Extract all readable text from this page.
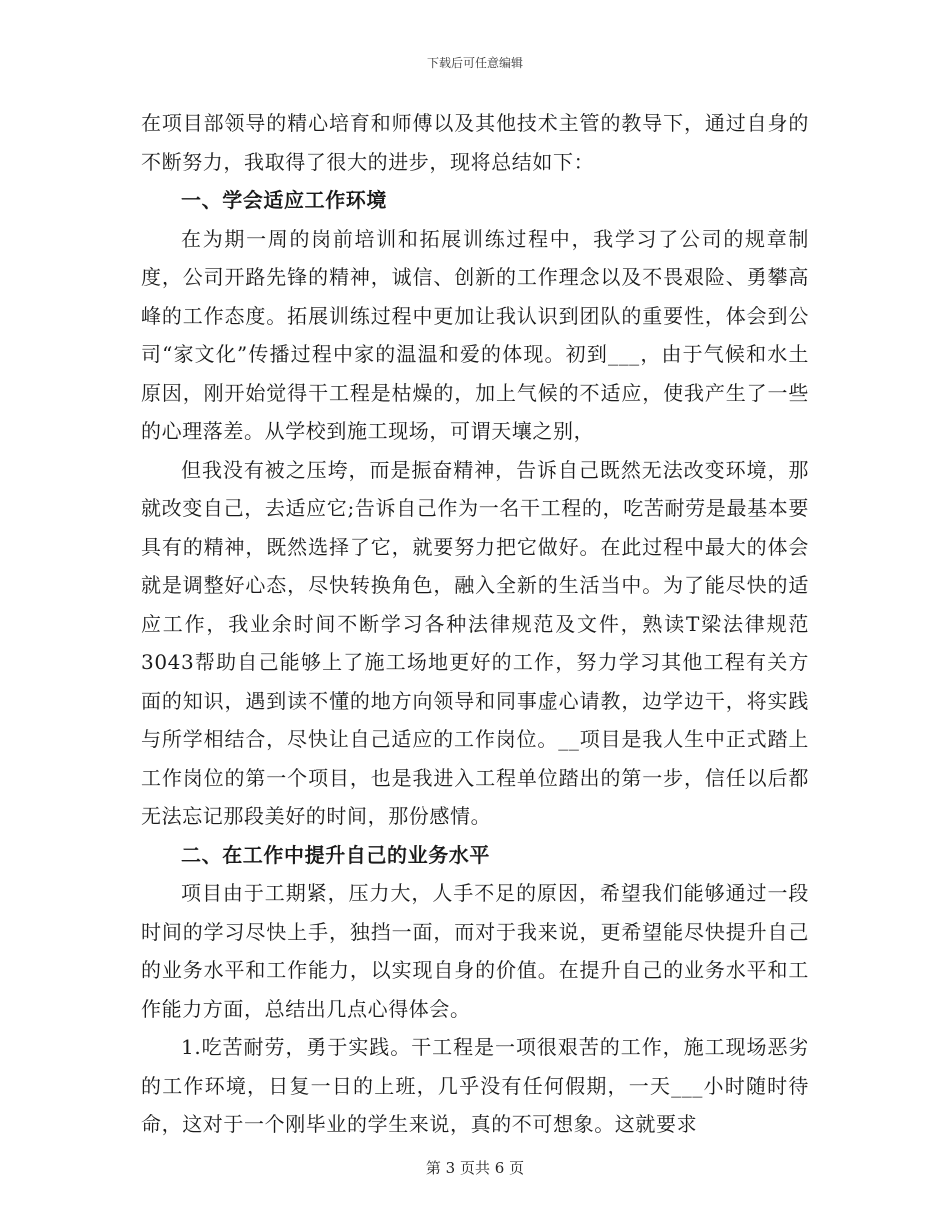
下载后可任意编辑

在项目部领导的精心培育和师傅以及其他技术主管的教导下，通过自身的不断努力，我取得了很大的进步，现将总结如下：

一、学会适应工作环境

在为期一周的岗前培训和拓展训练过程中，我学习了公司的规章制度，公司开路先锋的精神，诚信、创新的工作理念以及不畏艰险、勇攀高峰的工作态度。拓展训练过程中更加让我认识到团队的重要性，体会到公司“家文化”传播过程中家的温温和爱的体现。初到___，由于气候和水土原因，刚开始觉得干工程是枯燥的，加上气候的不适应，使我产生了一些的心理落差。从学校到施工现场，可谓天壤之别，

但我没有被之压垮，而是振奋精神，告诉自己既然无法改变环境，那就改变自己，去适应它;告诉自己作为一名干工程的，吃苦耐劳是最基本要具有的精神，既然选择了它，就要努力把它做好。在此过程中最大的体会就是调整好心态，尽快转换角色，融入全新的生活当中。为了能尽快的适应工作，我业余时间不断学习各种法律规范及文件，熟读T梁法律规范3043帮助自己能够上了施工场地更好的工作，努力学习其他工程有关方面的知识，遇到读不懂的地方向领导和同事虚心请教，边学边干，将实践与所学相结合，尽快让自己适应的工作岗位。__项目是我人生中正式踏上工作岗位的第一个项目，也是我进入工程单位踏出的第一步，信任以后都无法忘记那段美好的时间，那份感情。

二、在工作中提升自己的业务水平

项目由于工期紧，压力大，人手不足的原因，希望我们能够通过一段时间的学习尽快上手，独挡一面，而对于我来说，更希望能尽快提升自己的业务水平和工作能力，以实现自身的价值。在提升自己的业务水平和工作能力方面，总结出几点心得体会。

1.吃苦耐劳，勇于实践。干工程是一项很艰苦的工作，施工现场恶劣的工作环境，日复一日的上班，几乎没有任何假期，一天___小时随时待命，这对于一个刚毕业的学生来说，真的不可想象。这就要求

第 3 页共 6 页
